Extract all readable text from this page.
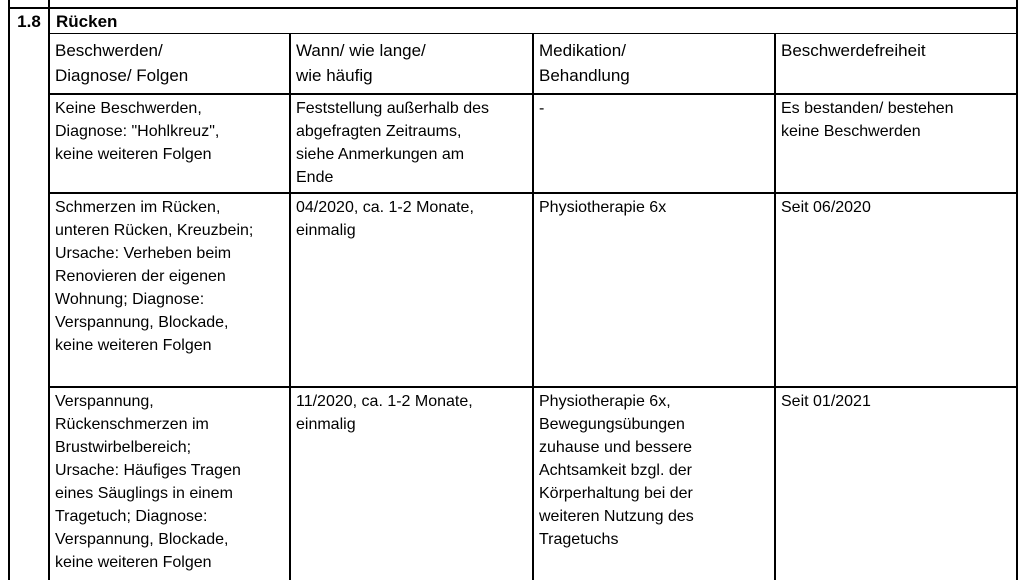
1.8 Rücken
Beschwerden/
Diagnose/ Folgen
Wann/ wie lange/
wie häufig
Medikation/
Behandlung
Beschwerdefreiheit
Keine Beschwerden,
Diagnose: "Hohlkreuz",
keine weiteren Folgen
Feststellung außerhalb des
abgefragten Zeitraums,
siehe Anmerkungen am
Ende
-	Es bestanden/ bestehen
keine Beschwerden
Schmerzen im Rücken,
unteren Rücken, Kreuzbein;
Ursache: Verheben beim
Renovieren der eigenen
Wohnung; Diagnose:
Verspannung, Blockade,
keine weiteren Folgen
04/2020, ca. 1-2 Monate,
einmalig
Physiotherapie 6x	Seit 06/2020
Verspannung,
Rückenschmerzen im
Brustwirbelbereich;
Ursache: Häufiges Tragen
eines Säuglings in einem
Tragetuch; Diagnose:
Verspannung, Blockade,
keine weiteren Folgen
11/2020, ca. 1-2 Monate,
einmalig
Physiotherapie 6x,
Bewegungsübungen
zuhause und bessere
Achtsamkeit bzgl. der
Körperhaltung bei der
weiteren Nutzung des
Tragetuchs
Seit 01/2021
